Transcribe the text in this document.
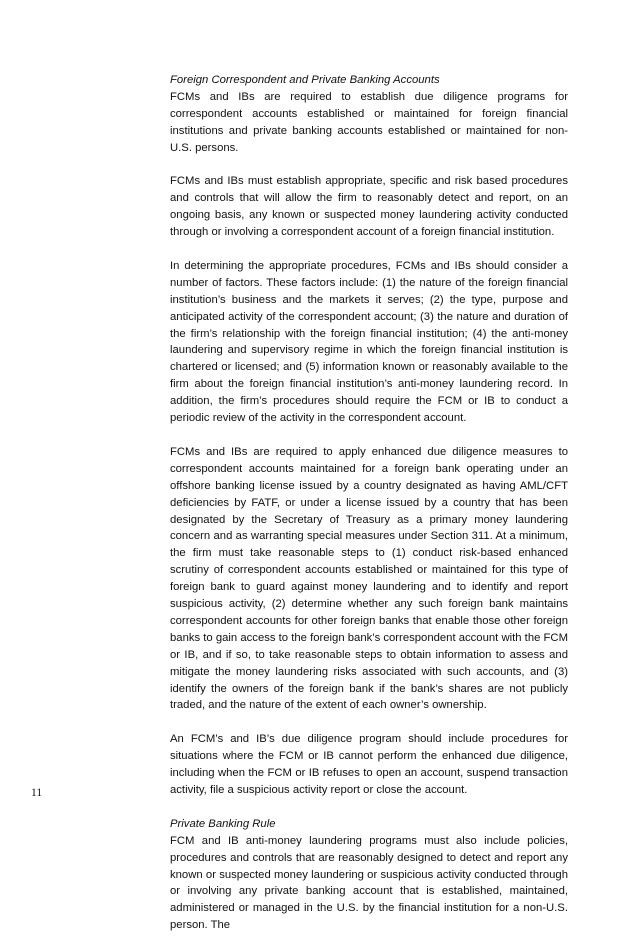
Foreign Correspondent and Private Banking Accounts

FCMs and IBs are required to establish due diligence programs for correspondent accounts established or maintained for foreign financial institutions and private banking accounts established or maintained for non-U.S. persons.

FCMs and IBs must establish appropriate, specific and risk based procedures and controls that will allow the firm to reasonably detect and report, on an ongoing basis, any known or suspected money laundering activity conducted through or involving a correspondent account of a foreign financial institution.

In determining the appropriate procedures, FCMs and IBs should consider a number of factors. These factors include: (1) the nature of the foreign financial institution’s business and the markets it serves; (2) the type, purpose and anticipated activity of the correspondent account; (3) the nature and duration of the firm’s relationship with the foreign financial institution; (4) the anti-money laundering and supervisory regime in which the foreign financial institution is chartered or licensed; and (5) information known or reasonably available to the firm about the foreign financial institution’s anti-money laundering record. In addition, the firm’s procedures should require the FCM or IB to conduct a periodic review of the activity in the correspondent account.

FCMs and IBs are required to apply enhanced due diligence measures to correspondent accounts maintained for a foreign bank operating under an offshore banking license issued by a country designated as having AML/CFT deficiencies by FATF, or under a license issued by a country that has been designated by the Secretary of Treasury as a primary money laundering concern and as warranting special measures under Section 311. At a minimum, the firm must take reasonable steps to (1) conduct risk-based enhanced scrutiny of correspondent accounts established or maintained for this type of foreign bank to guard against money laundering and to identify and report suspicious activity, (2) determine whether any such foreign bank maintains correspondent accounts for other foreign banks that enable those other foreign banks to gain access to the foreign bank’s correspondent account with the FCM or IB, and if so, to take reasonable steps to obtain information to assess and mitigate the money laundering risks associated with such accounts, and (3) identify the owners of the foreign bank if the bank’s shares are not publicly traded, and the nature of the extent of each owner’s ownership.

An FCM’s and IB’s due diligence program should include procedures for situations where the FCM or IB cannot perform the enhanced due diligence, including when the FCM or IB refuses to open an account, suspend transaction activity, file a suspicious activity report or close the account.

Private Banking Rule

FCM and IB anti-money laundering programs must also include policies, procedures and controls that are reasonably designed to detect and report any known or suspected money laundering or suspicious activity conducted through or involving any private banking account that is established, maintained, administered or managed in the U.S. by the financial institution for a non-U.S. person. The

11
